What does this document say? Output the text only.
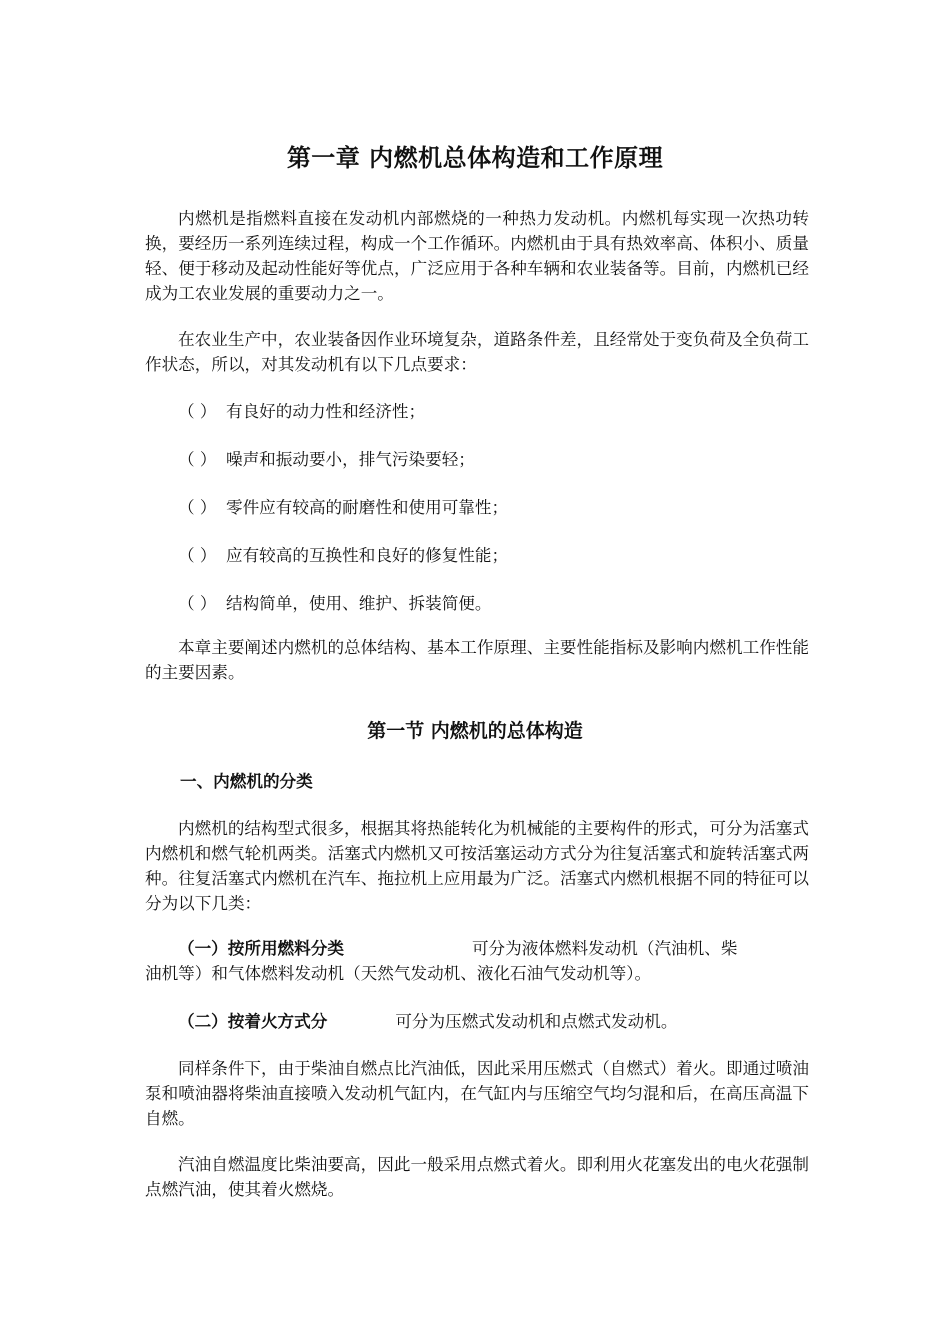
第一章 内燃机总体构造和工作原理

内燃机是指燃料直接在发动机内部燃烧的一种热力发动机。内燃机每实现一次热功转换，要经历一系列连续过程，构成一个工作循环。内燃机由于具有热效率高、体积小、质量轻、便于移动及起动性能好等优点，广泛应用于各种车辆和农业装备等。目前，内燃机已经成为工农业发展的重要动力之一。

在农业生产中，农业装备因作业环境复杂，道路条件差，且经常处于变负荷及全负荷工作状态，所以，对其发动机有以下几点要求：

（ ） 有良好的动力性和经济性；
（ ） 噪声和振动要小，排气污染要轻；
（ ） 零件应有较高的耐磨性和使用可靠性；
（ ） 应有较高的互换性和良好的修复性能；
（ ） 结构简单，使用、维护、拆装简便。

本章主要阐述内燃机的总体结构、基本工作原理、主要性能指标及影响内燃机工作性能的主要因素。

第一节 内燃机的总体构造
一、内燃机的分类

内燃机的结构型式很多，根据其将热能转化为机械能的主要构件的形式，可分为活塞式内燃机和燃气轮机两类。活塞式内燃机又可按活塞运动方式分为往复活塞式和旋转活塞式两种。往复活塞式内燃机在汽车、拖拉机上应用最为广泛。活塞式内燃机根据不同的特征可以分为以下几类：

（一）按所用燃料分类	可分为液体燃料发动机（汽油机、柴
油机等）和气体燃料发动机（天然气发动机、液化石油气发动机等）。

（二）按着火方式分	可分为压燃式发动机和点燃式发动机。

同样条件下，由于柴油自燃点比汽油低，因此采用压燃式（自燃式）着火。即通过喷油泵和喷油器将柴油直接喷入发动机气缸内，在气缸内与压缩空气均匀混和后，在高压高温下自燃。

汽油自燃温度比柴油要高，因此一般采用点燃式着火。即利用火花塞发出的电火花强制点燃汽油，使其着火燃烧。
